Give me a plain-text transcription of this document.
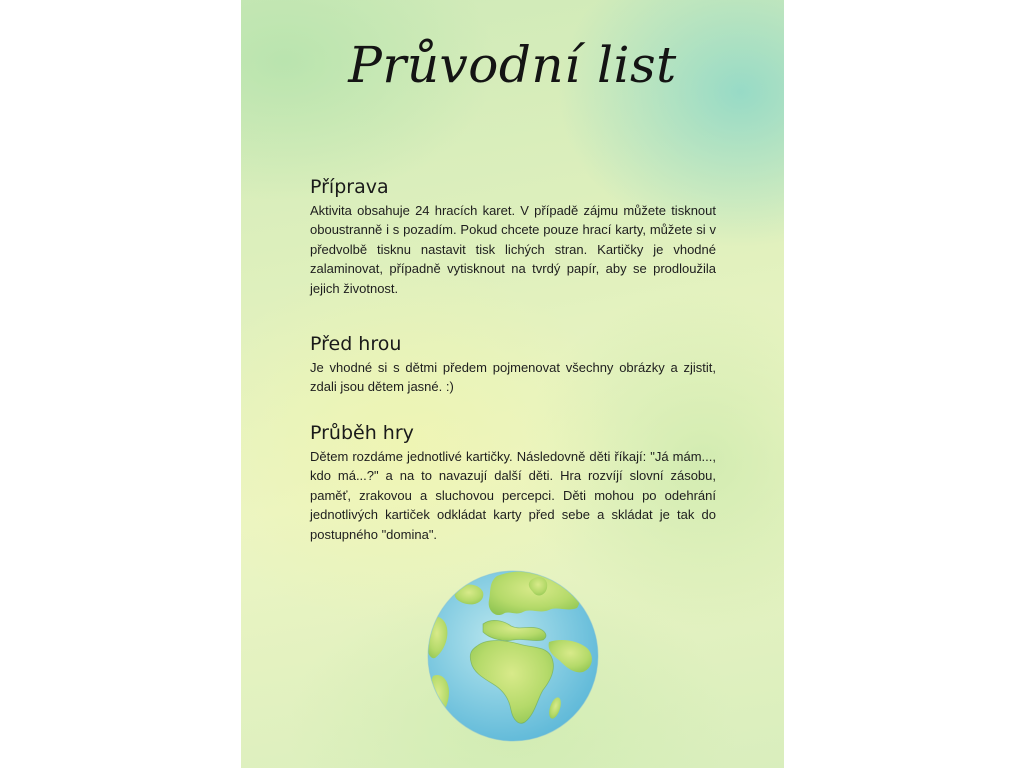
Průvodní list
Příprava

Aktivita obsahuje 24 hracích karet. V případě zájmu můžete tisknout oboustranně i s pozadím. Pokud chcete pouze hrací karty, můžete si v předvolbě tisknu nastavit tisk lichých stran. Kartičky je vhodné zalaminovat, případně vytisknout na tvrdý papír, aby se prodloužila jejich životnost.

Před hrou

Je vhodné si s dětmi předem pojmenovat všechny obrázky a zjistit, zdali jsou dětem jasné. :)

Průběh hry

Dětem rozdáme jednotlivé kartičky. Následovně děti říkají: "Já mám..., kdo má...?" a na to navazují další děti. Hra rozvíjí slovní zásobu, paměť, zrakovou a sluchovou percepci. Děti mohou po odehrání jednotlivých kartiček odkládat karty před sebe a skládat je tak do postupného "domina".
